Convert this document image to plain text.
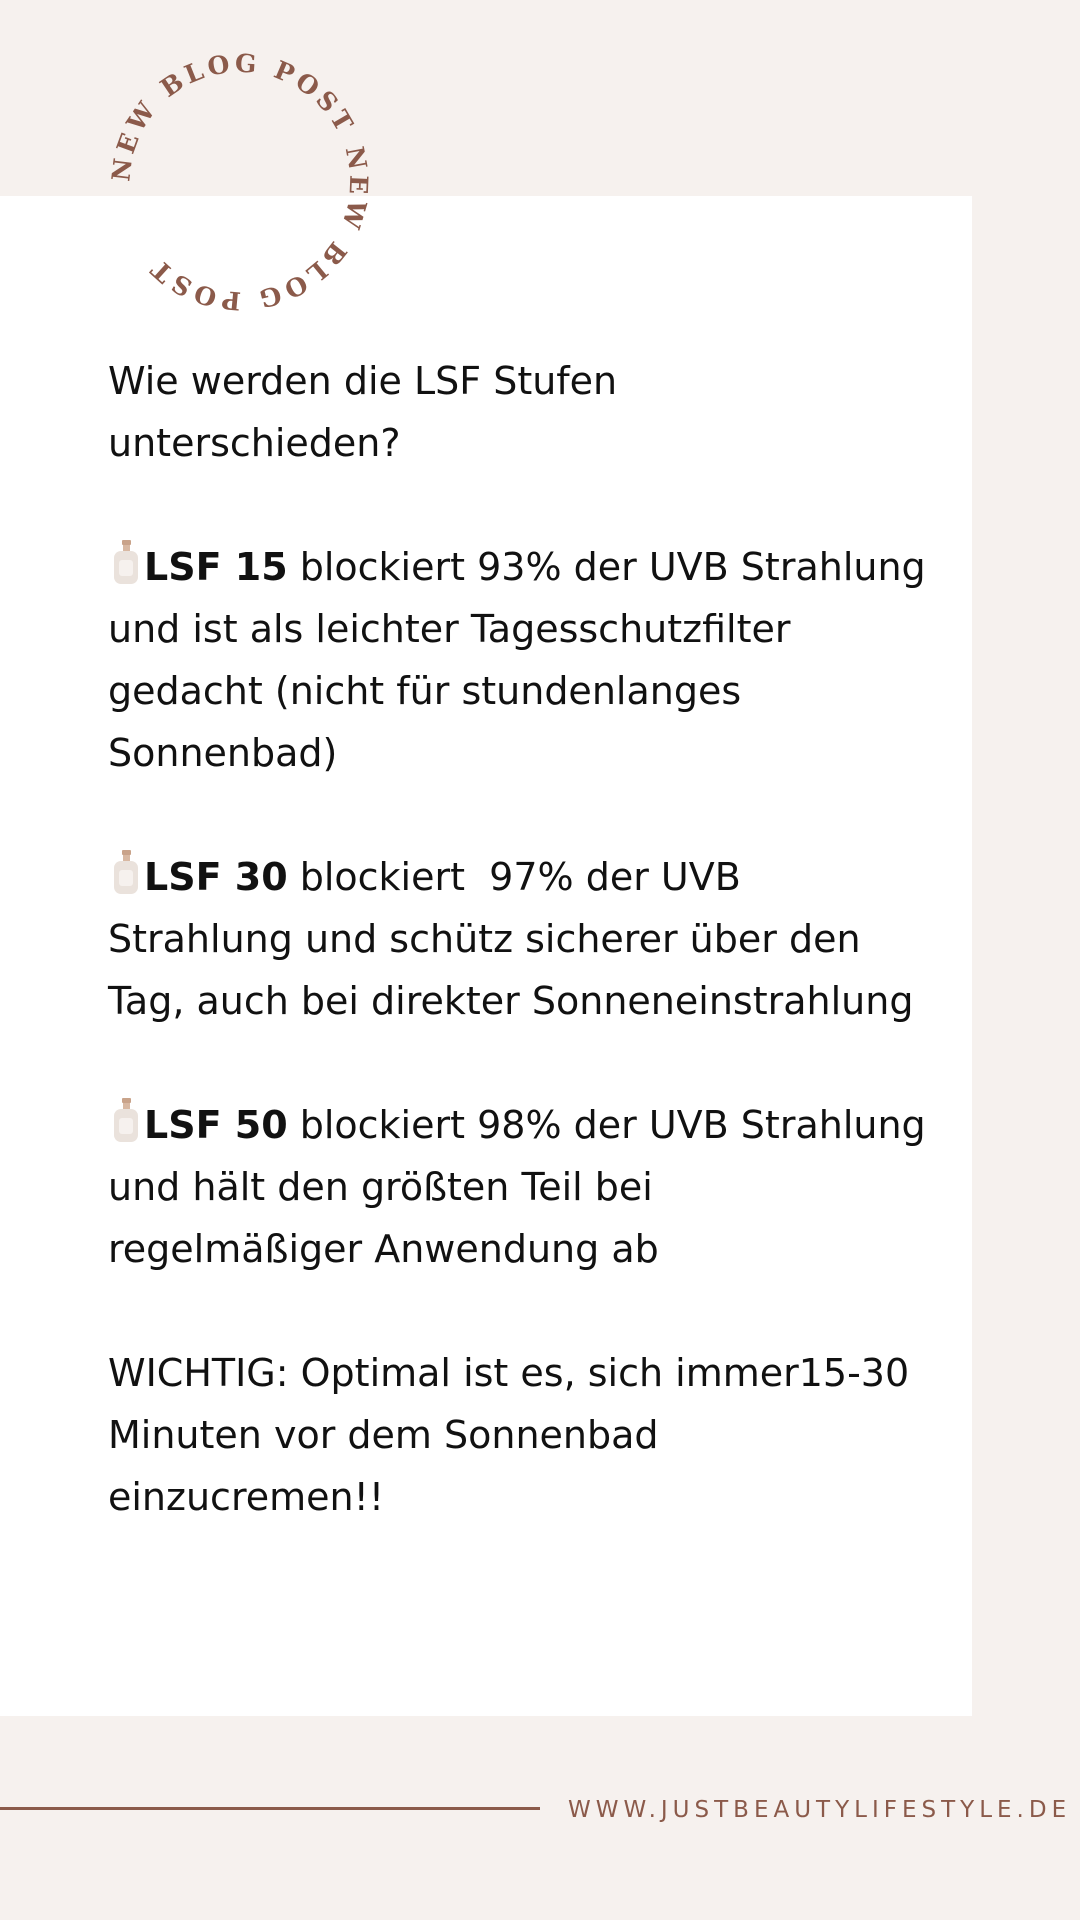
NEW BLOG POST NEW BLOG POST
Wie werden die LSF Stufen
unterschieden?
LSF 15 blockiert 93% der UVB Strahlung
und ist als leichter Tagesschutzfilter
gedacht (nicht für stundenlanges
Sonnenbad)
LSF 30 blockiert  97% der UVB
Strahlung und schütz sicherer über den
Tag, auch bei direkter Sonneneinstrahlung
LSF 50 blockiert 98% der UVB Strahlung
und hält den größten Teil bei
regelmäßiger Anwendung ab
WICHTIG: Optimal ist es, sich immer15-30
Minuten vor dem Sonnenbad
einzucremen!!
WWW.JUSTBEAUTYLIFESTYLE.DE
